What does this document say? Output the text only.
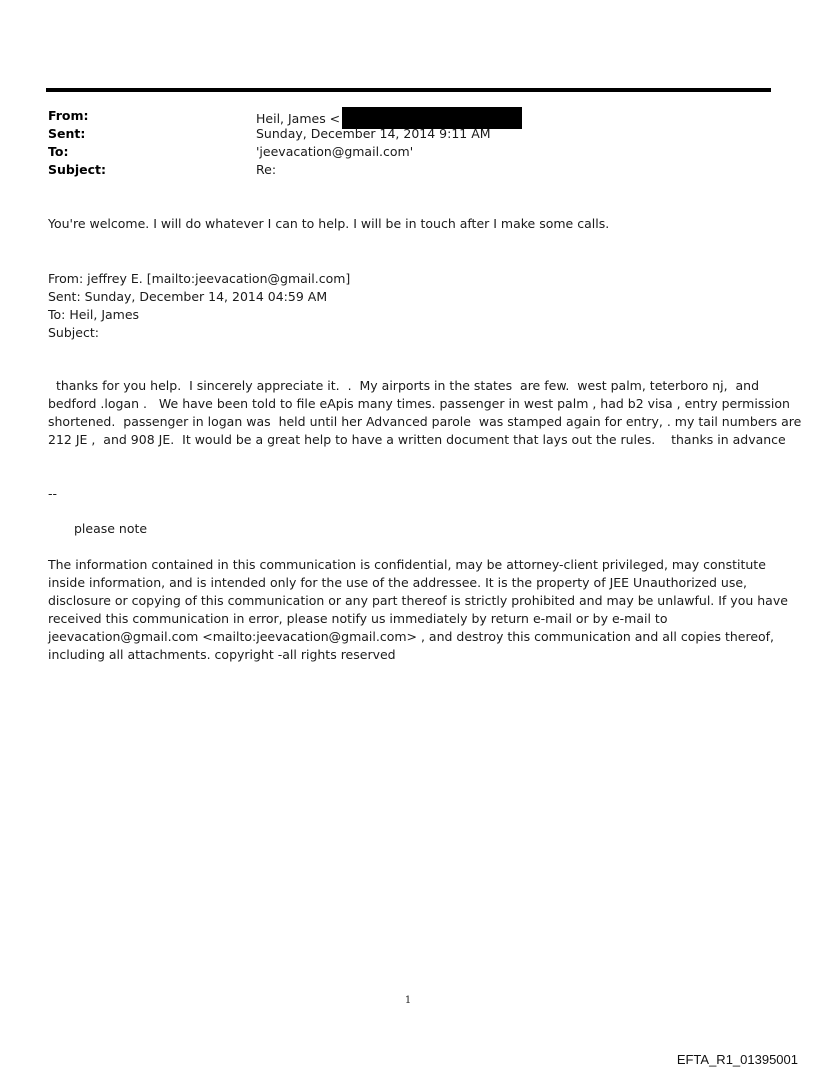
From:	Heil, James <
Sent:	Sunday, December 14, 2014 9:11 AM
To:	'jeevacation@gmail.com'
Subject:	Re:
You're welcome. I will do whatever I can to help. I will be in touch after I make some calls.
From: jeffrey E. [mailto:jeevacation@gmail.com]
Sent: Sunday, December 14, 2014 04:59 AM
To: Heil, James
Subject:
thanks for you help.  I sincerely appreciate it.  .  My airports in the states  are few.  west palm, teterboro nj,  and
bedford .logan .   We have been told to file eApis many times. passenger in west palm , had b2 visa , entry permission
shortened.  passenger in logan was  held until her Advanced parole  was stamped again for entry, . my tail numbers are
212 JE ,  and 908 JE.  It would be a great help to have a written document that lays out the rules.    thanks in advance
--
please note
The information contained in this communication is confidential, may be attorney-client privileged, may constitute
inside information, and is intended only for the use of the addressee. It is the property of JEE Unauthorized use,
disclosure or copying of this communication or any part thereof is strictly prohibited and may be unlawful. If you have
received this communication in error, please notify us immediately by return e-mail or by e-mail to
jeevacation@gmail.com <mailto:jeevacation@gmail.com> , and destroy this communication and all copies thereof,
including all attachments. copyright -all rights reserved
1
EFTA_R1_01395001
